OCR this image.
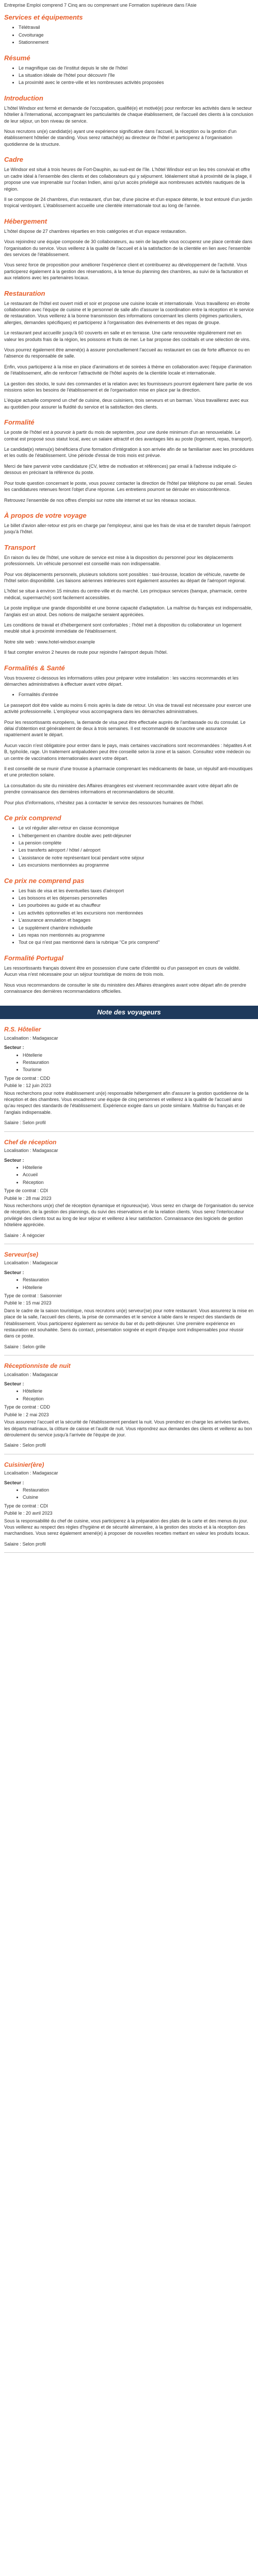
Entreprise Emploi comprend 7 Cinq ans ou comprenant une Formation supérieure dans l'Asie

Services et équipements
• Télétravail
• Covoiturage
• Stationnement
Résumé
• Le magnifique cas de l'institut depuis le site de l'hôtel
• La situation idéale de l'hôtel pour découvrir l'île
• La proximité avec le centre-ville et les nombreuses activités proposées
Introduction

L'hôtel Windsor est fermé et demande de l'occupation, qualifié(e) et motivé(e) pour renforcer les activités dans le secteur hôtelier à l'international, accompagnant les particularités de chaque établissement, de l'accueil des clients à la conclusion de leur séjour, un bon niveau de service.

Nous recrutons un(e) candidat(e) ayant une expérience significative dans l'accueil, la réception ou la gestion d'un établissement hôtelier de standing. Vous serez rattaché(e) au directeur de l'hôtel et participerez à l'organisation quotidienne de la structure.

Cadre

Le Windsor est situé à trois heures de Fort-Dauphin, au sud-est de l'île. L'hôtel Windsor est un lieu très convivial et offre un cadre idéal à l'ensemble des clients et des collaborateurs qui y séjournent. Idéalement situé à proximité de la plage, il propose une vue imprenable sur l'océan Indien, ainsi qu'un accès privilégié aux nombreuses activités nautiques de la région.

Il se compose de 24 chambres, d'un restaurant, d'un bar, d'une piscine et d'un espace détente, le tout entouré d'un jardin tropical verdoyant. L'établissement accueille une clientèle internationale tout au long de l'année.

Hébergement

L'hôtel dispose de 27 chambres réparties en trois catégories et d'un espace restauration.

Vous rejoindrez une équipe composée de 30 collaborateurs, au sein de laquelle vous occuperez une place centrale dans l'organisation du service. Vous veillerez à la qualité de l'accueil et à la satisfaction de la clientèle en lien avec l'ensemble des services de l'établissement.

Vous serez force de proposition pour améliorer l'expérience client et contribuerez au développement de l'activité. Vous participerez également à la gestion des réservations, à la tenue du planning des chambres, au suivi de la facturation et aux relations avec les partenaires locaux.

Restauration

Le restaurant de l'hôtel est ouvert midi et soir et propose une cuisine locale et internationale. Vous travaillerez en étroite collaboration avec l'équipe de cuisine et le personnel de salle afin d'assurer la coordination entre la réception et le service de restauration. Vous veillerez à la bonne transmission des informations concernant les clients (régimes particuliers, allergies, demandes spécifiques) et participerez à l'organisation des événements et des repas de groupe.

Le restaurant peut accueillir jusqu'à 60 couverts en salle et en terrasse. Une carte renouvelée régulièrement met en valeur les produits frais de la région, les poissons et fruits de mer. Le bar propose des cocktails et une sélection de vins.

Vous pourrez également être amené(e) à assurer ponctuellement l'accueil au restaurant en cas de forte affluence ou en l'absence du responsable de salle.

Enfin, vous participerez à la mise en place d'animations et de soirées à thème en collaboration avec l'équipe d'animation de l'établissement, afin de renforcer l'attractivité de l'hôtel auprès de la clientèle locale et internationale.

La gestion des stocks, le suivi des commandes et la relation avec les fournisseurs pourront également faire partie de vos missions selon les besoins de l'établissement et de l'organisation mise en place par la direction.

L'équipe actuelle comprend un chef de cuisine, deux cuisiniers, trois serveurs et un barman. Vous travaillerez avec eux au quotidien pour assurer la fluidité du service et la satisfaction des clients.

Formalité

Le poste de l'hôtel est à pourvoir à partir du mois de septembre, pour une durée minimum d'un an renouvelable. Le contrat est proposé sous statut local, avec un salaire attractif et des avantages liés au poste (logement, repas, transport).

Le candidat(e) retenu(e) bénéficiera d'une formation d'intégration à son arrivée afin de se familiariser avec les procédures et les outils de l'établissement. Une période d'essai de trois mois est prévue.

Merci de faire parvenir votre candidature (CV, lettre de motivation et références) par email à l'adresse indiquée ci-dessous en précisant la référence du poste.

Pour toute question concernant le poste, vous pouvez contacter la direction de l'hôtel par téléphone ou par email. Seules les candidatures retenues feront l'objet d'une réponse. Les entretiens pourront se dérouler en visioconférence.

Retrouvez l'ensemble de nos offres d'emploi sur notre site internet et sur les réseaux sociaux.

À propos de votre voyage

Le billet d'avion aller-retour est pris en charge par l'employeur, ainsi que les frais de visa et de transfert depuis l'aéroport jusqu'à l'hôtel.

Transport

En raison du lieu de l'hôtel, une voiture de service est mise à la disposition du personnel pour les déplacements professionnels. Un véhicule personnel est conseillé mais non indispensable.

Pour vos déplacements personnels, plusieurs solutions sont possibles : taxi-brousse, location de véhicule, navette de l'hôtel selon disponibilité. Les liaisons aériennes intérieures sont également assurées au départ de l'aéroport régional.

L'hôtel se situe à environ 15 minutes du centre-ville et du marché. Les principaux services (banque, pharmacie, centre médical, supermarché) sont facilement accessibles.

Le poste implique une grande disponibilité et une bonne capacité d'adaptation. La maîtrise du français est indispensable, l'anglais est un atout. Des notions de malgache seraient appréciées.

Les conditions de travail et d'hébergement sont confortables ; l'hôtel met à disposition du collaborateur un logement meublé situé à proximité immédiate de l'établissement.

Notre site web : www.hotel-windsor.example

Il faut compter environ 2 heures de route pour rejoindre l'aéroport depuis l'hôtel.

Formalités & Santé

Vous trouverez ci-dessous les informations utiles pour préparer votre installation : les vaccins recommandés et les démarches administratives à effectuer avant votre départ.

• Formalités d'entrée

Le passeport doit être valide au moins 6 mois après la date de retour. Un visa de travail est nécessaire pour exercer une activité professionnelle. L'employeur vous accompagnera dans les démarches administratives.

Pour les ressortissants européens, la demande de visa peut être effectuée auprès de l'ambassade ou du consulat. Le délai d'obtention est généralement de deux à trois semaines. Il est recommandé de souscrire une assurance rapatriement avant le départ.

Aucun vaccin n'est obligatoire pour entrer dans le pays, mais certaines vaccinations sont recommandées : hépatites A et B, typhoïde, rage. Un traitement antipaludéen peut être conseillé selon la zone et la saison. Consultez votre médecin ou un centre de vaccinations internationales avant votre départ.

Il est conseillé de se munir d'une trousse à pharmacie comprenant les médicaments de base, un répulsif anti-moustiques et une protection solaire.

La consultation du site du ministère des Affaires étrangères est vivement recommandée avant votre départ afin de prendre connaissance des dernières informations et recommandations de sécurité.

Pour plus d'informations, n'hésitez pas à contacter le service des ressources humaines de l'hôtel.

Ce prix comprend
• Le vol régulier aller-retour en classe économique
• L'hébergement en chambre double avec petit-déjeuner
• La pension complète
• Les transferts aéroport / hôtel / aéroport
• L'assistance de notre représentant local pendant votre séjour
• Les excursions mentionnées au programme
Ce prix ne comprend pas
• Les frais de visa et les éventuelles taxes d'aéroport
• Les boissons et les dépenses personnelles
• Les pourboires au guide et au chauffeur
• Les activités optionnelles et les excursions non mentionnées
• L'assurance annulation et bagages
• Le supplément chambre individuelle
• Les repas non mentionnés au programme
• Tout ce qui n'est pas mentionné dans la rubrique "Ce prix comprend"
Formalité Portugal

Les ressortissants français doivent être en possession d'une carte d'identité ou d'un passeport en cours de validité. Aucun visa n'est nécessaire pour un séjour touristique de moins de trois mois.

Nous vous recommandons de consulter le site du ministère des Affaires étrangères avant votre départ afin de prendre connaissance des dernières recommandations officielles.

Note des voyageurs
R.S. Hôtelier
Localisation : Madagascar
Secteur :
• Hôtellerie
• Restauration
• Tourisme
Type de contrat : CDD
Publié le : 12 juin 2023

Nous recherchons pour notre établissement un(e) responsable hébergement afin d'assurer la gestion quotidienne de la réception et des chambres. Vous encadrerez une équipe de cinq personnes et veillerez à la qualité de l'accueil ainsi qu'au respect des standards de l'établissement. Expérience exigée dans un poste similaire. Maîtrise du français et de l'anglais indispensable.

Salaire : Selon profil
Chef de réception
Localisation : Madagascar
Secteur :
• Hôtellerie
• Accueil
• Réception
Type de contrat : CDI
Publié le : 28 mai 2023

Nous recherchons un(e) chef de réception dynamique et rigoureux(se). Vous serez en charge de l'organisation du service de réception, de la gestion des plannings, du suivi des réservations et de la relation clients. Vous serez l'interlocuteur privilégié des clients tout au long de leur séjour et veillerez à leur satisfaction. Connaissance des logiciels de gestion hôtelière appréciée.

Salaire : À négocier
Serveur(se)
Localisation : Madagascar
Secteur :
• Restauration
• Hôtellerie
Type de contrat : Saisonnier
Publié le : 15 mai 2023

Dans le cadre de la saison touristique, nous recrutons un(e) serveur(se) pour notre restaurant. Vous assurerez la mise en place de la salle, l'accueil des clients, la prise de commandes et le service à table dans le respect des standards de l'établissement. Vous participerez également au service du bar et du petit-déjeuner. Une première expérience en restauration est souhaitée. Sens du contact, présentation soignée et esprit d'équipe sont indispensables pour réussir dans ce poste.

Salaire : Selon grille
Réceptionniste de nuit
Localisation : Madagascar
Secteur :
• Hôtellerie
• Réception
Type de contrat : CDD
Publié le : 2 mai 2023

Vous assurerez l'accueil et la sécurité de l'établissement pendant la nuit. Vous prendrez en charge les arrivées tardives, les départs matinaux, la clôture de caisse et l'audit de nuit. Vous répondrez aux demandes des clients et veillerez au bon déroulement du service jusqu'à l'arrivée de l'équipe de jour.

Salaire : Selon profil
Cuisinier(ère)
Localisation : Madagascar
Secteur :
• Restauration
• Cuisine
Type de contrat : CDI
Publié le : 20 avril 2023

Sous la responsabilité du chef de cuisine, vous participerez à la préparation des plats de la carte et des menus du jour. Vous veillerez au respect des règles d'hygiène et de sécurité alimentaire, à la gestion des stocks et à la réception des marchandises. Vous serez également amené(e) à proposer de nouvelles recettes mettant en valeur les produits locaux.

Salaire : Selon profil
